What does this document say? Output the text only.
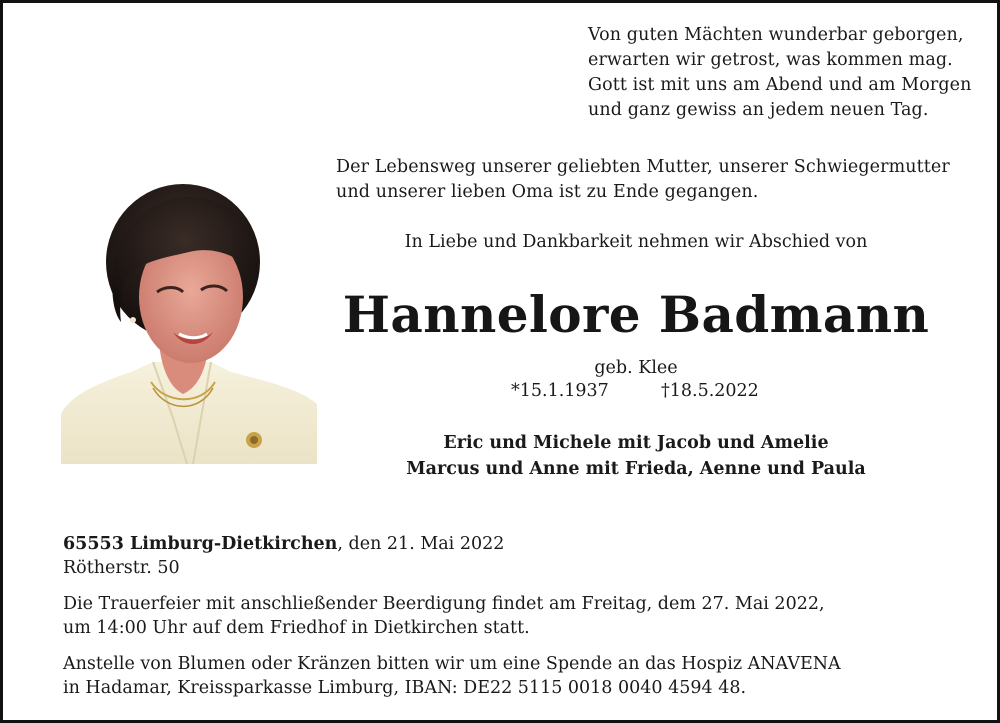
Von guten Mächten wunderbar geborgen,
erwarten wir getrost, was kommen mag.
Gott ist mit uns am Abend und am Morgen
und ganz gewiss an jedem neuen Tag.
Der Lebensweg unserer geliebten Mutter, unserer Schwiegermutter
und unserer lieben Oma ist zu Ende gegangen.
In Liebe und Dankbarkeit nehmen wir Abschied von
Hannelore Badmann
geb. Klee
*15.1.1937	†18.5.2022
Eric und Michele mit Jacob und Amelie
Marcus und Anne mit Frieda, Aenne und Paula
65553 Limburg-Dietkirchen, den 21. Mai 2022
Rötherstr. 50
Die Trauerfeier mit anschließender Beerdigung findet am Freitag, dem 27. Mai 2022,
um 14:00 Uhr auf dem Friedhof in Dietkirchen statt.
Anstelle von Blumen oder Kränzen bitten wir um eine Spende an das Hospiz ANAVENA
in Hadamar, Kreissparkasse Limburg, IBAN: DE22 5115 0018 0040 4594 48.
